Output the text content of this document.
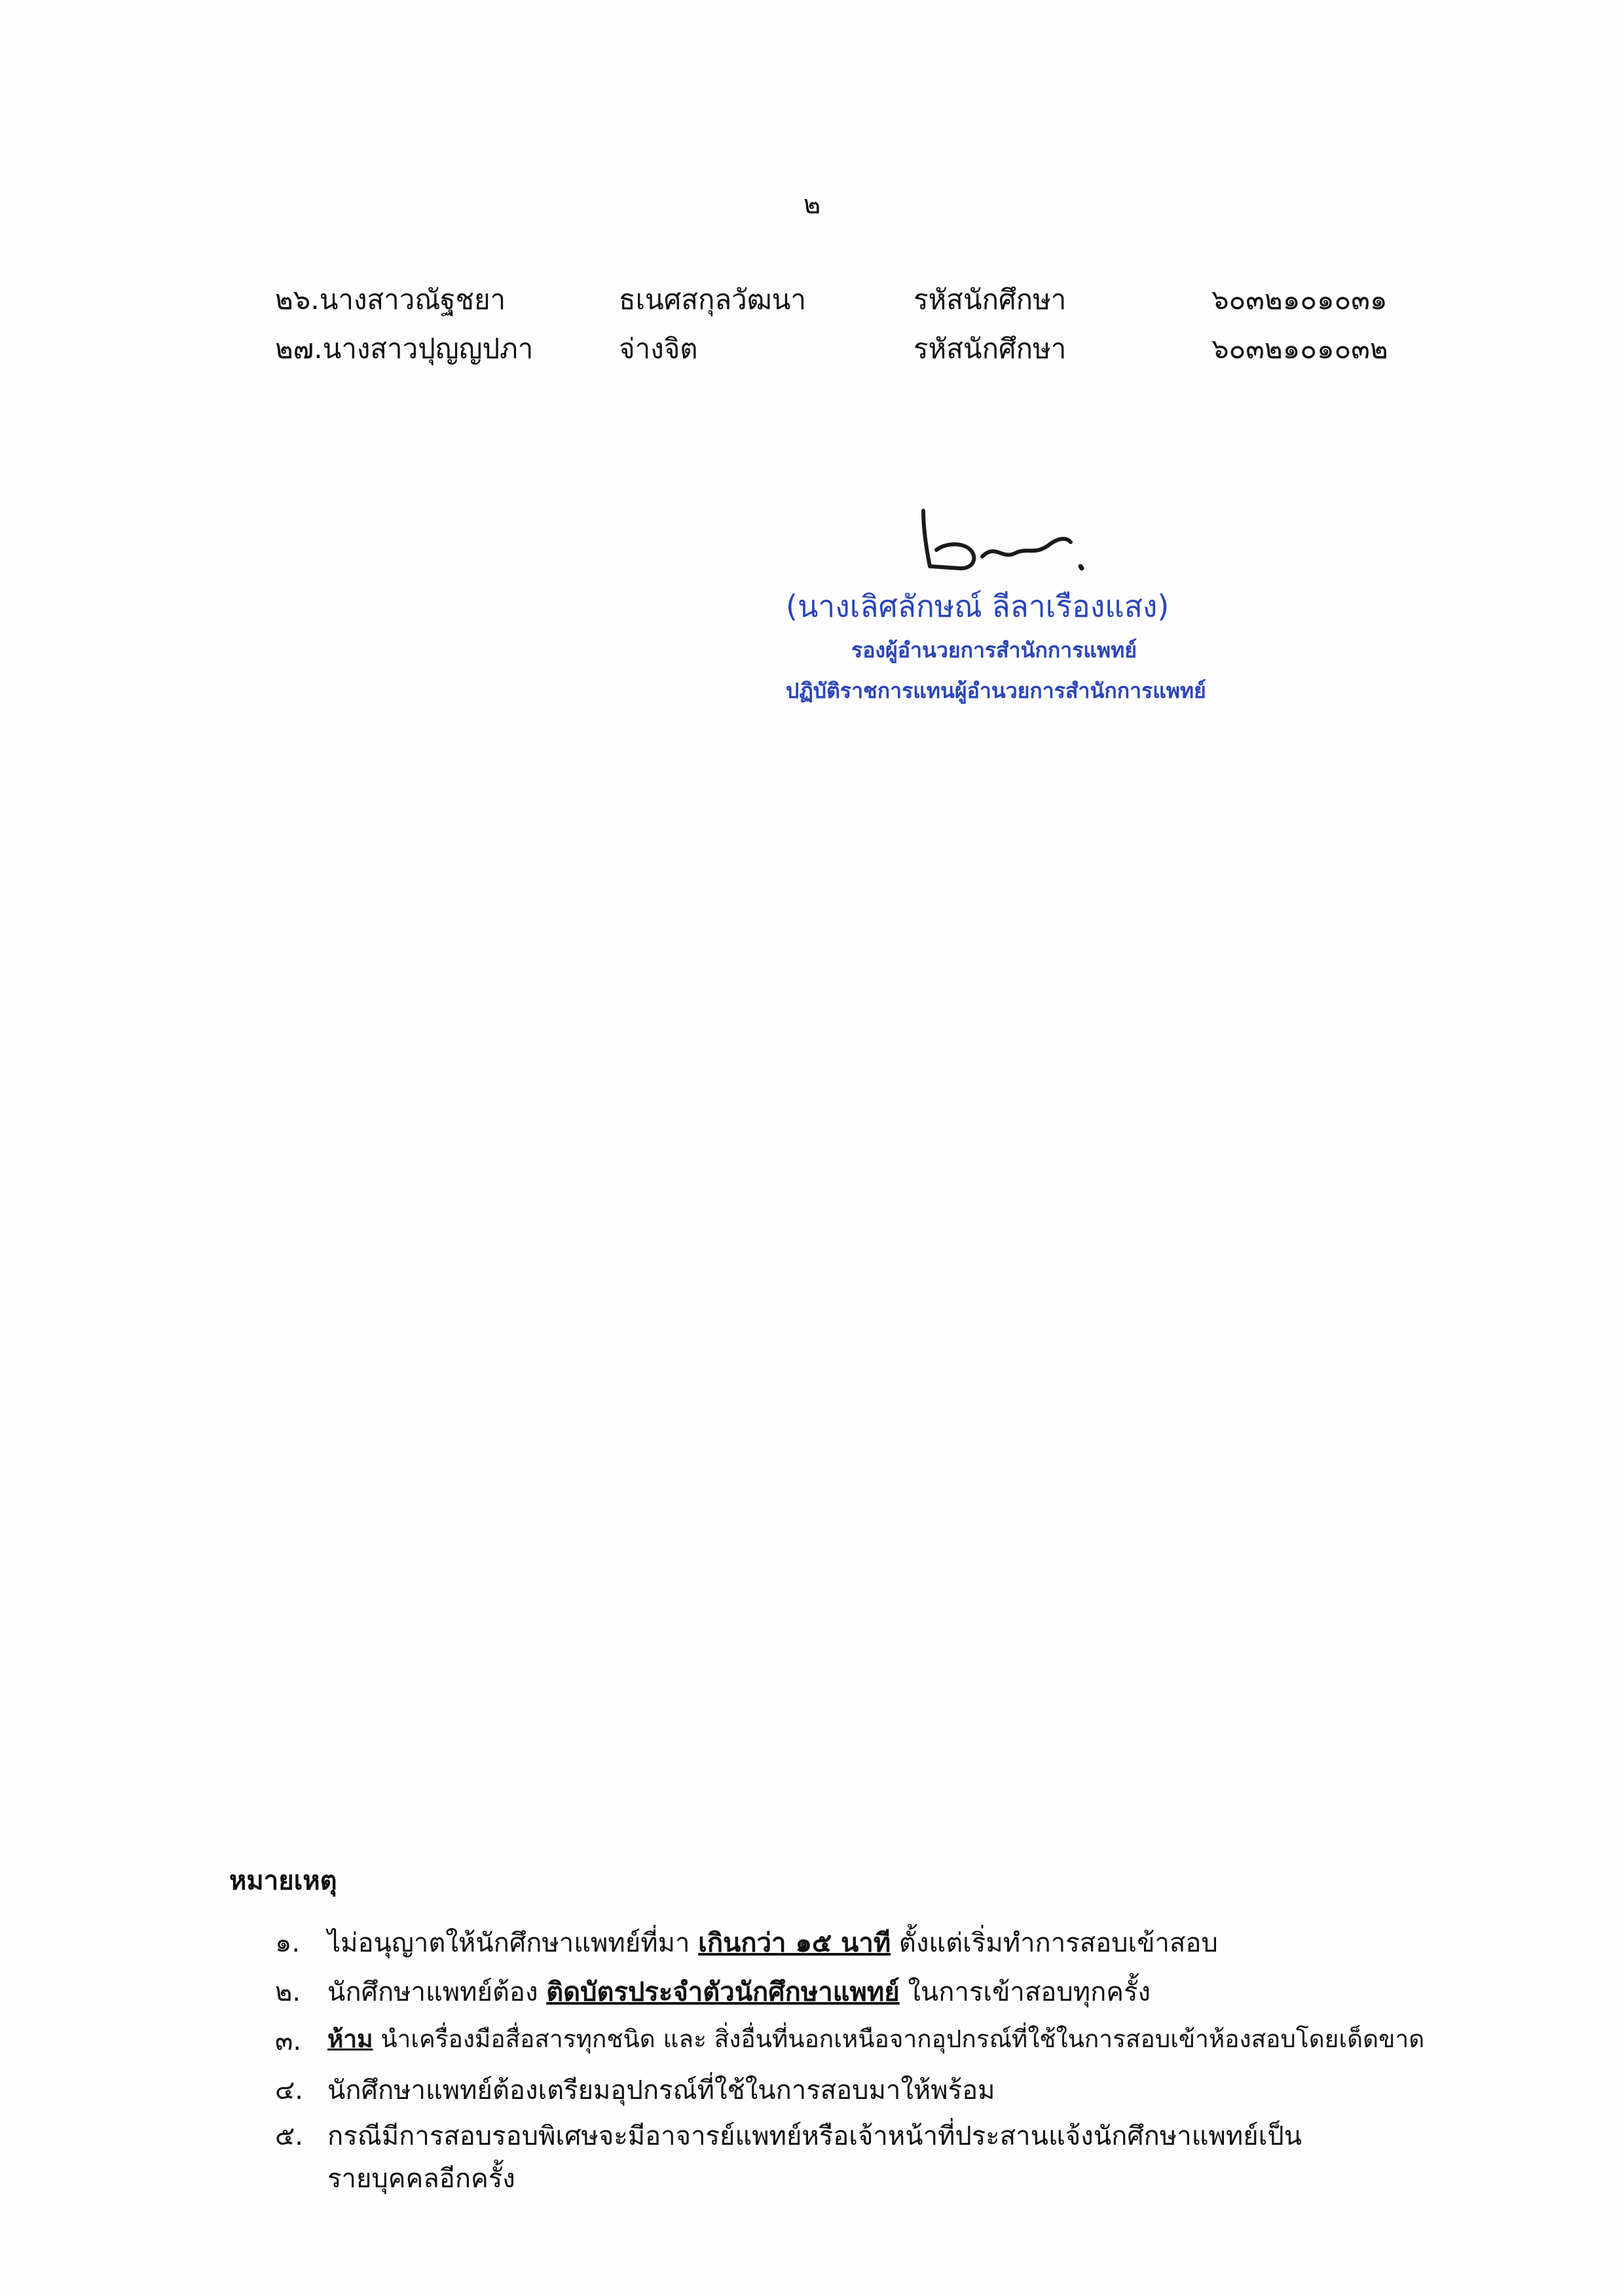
๒
๒๖.นางสาวณัฐชยา	ธเนศสกุลวัฒนา	รหัสนักศึกษา	๖๐๓๒๑๐๑๐๓๑
๒๗.นางสาวปุญญปภา	จ่างจิต	รหัสนักศึกษา	๖๐๓๒๑๐๑๐๓๒
(นางเลิศลักษณ์ ลีลาเรืองแสง)
รองผู้อำนวยการสำนักการแพทย์
ปฏิบัติราชการแทนผู้อำนวยการสำนักการแพทย์
หมายเหตุ
๑. ไม่อนุญาตให้นักศึกษาแพทย์ที่มา เกินกว่า ๑๕ นาที ตั้งแต่เริ่มทำการสอบเข้าสอบ
๒. นักศึกษาแพทย์ต้อง ติดบัตรประจำตัวนักศึกษาแพทย์ ในการเข้าสอบทุกครั้ง
๓. ห้าม นำเครื่องมือสื่อสารทุกชนิด และ สิ่งอื่นที่นอกเหนือจากอุปกรณ์ที่ใช้ในการสอบเข้าห้องสอบโดยเด็ดขาด
๔. นักศึกษาแพทย์ต้องเตรียมอุปกรณ์ที่ใช้ในการสอบมาให้พร้อม
๕. กรณีมีการสอบรอบพิเศษจะมีอาจารย์แพทย์หรือเจ้าหน้าที่ประสานแจ้งนักศึกษาแพทย์เป็น
รายบุคคลอีกครั้ง
